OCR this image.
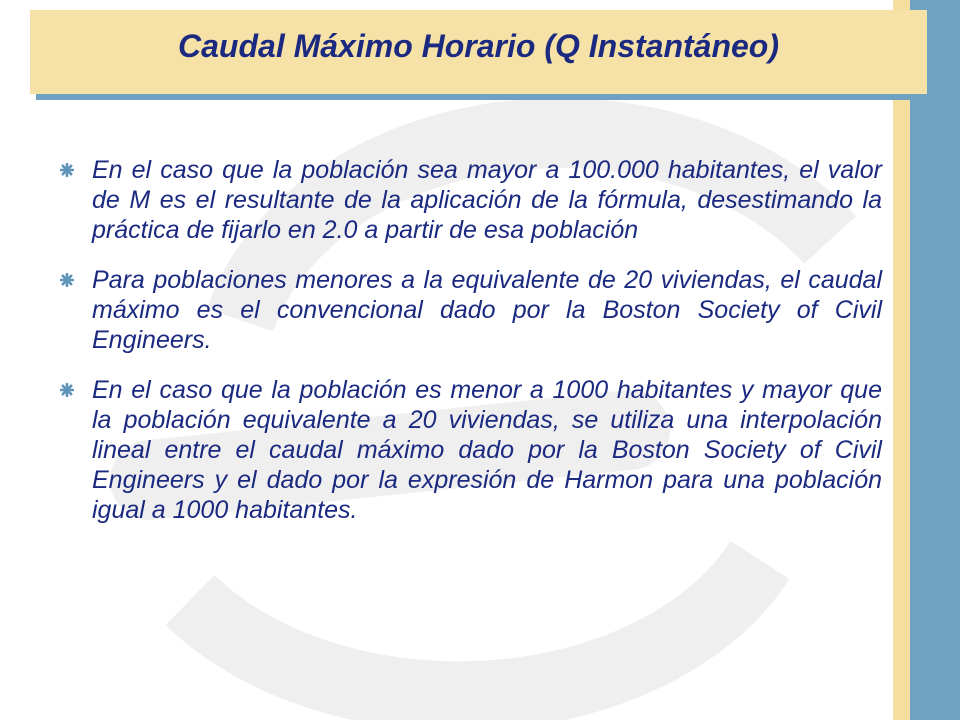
Caudal Máximo Horario (Q Instantáneo)
En el caso que la población sea mayor a 100.000 habitantes, el valor de M es el resultante de la aplicación de la fórmula, desestimando la práctica de fijarlo en 2.0 a partir de esa población
Para poblaciones menores a la equivalente de 20 viviendas, el caudal máximo es el convencional dado por la Boston Society of Civil Engineers.
En el caso que la población es menor a 1000 habitantes y mayor que la población equivalente a 20 viviendas, se utiliza una interpolación lineal entre el caudal máximo dado por la Boston Society of Civil Engineers y el dado por la expresión de Harmon para una población igual a 1000 habitantes.
